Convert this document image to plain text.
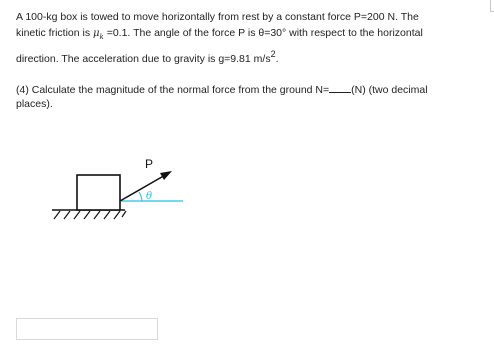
A 100-kg box is towed to move horizontally from rest by a constant force P=200 N. The
kinetic friction is $\mu_k =0.1$. The angle of the force P is θ=30° with respect to the horizontal
direction. The acceleration due to gravity is g=9.81 m/s2.

(4) Calculate the magnitude of the normal force from the ground N= (N) (two decimal
places).
P
θ
